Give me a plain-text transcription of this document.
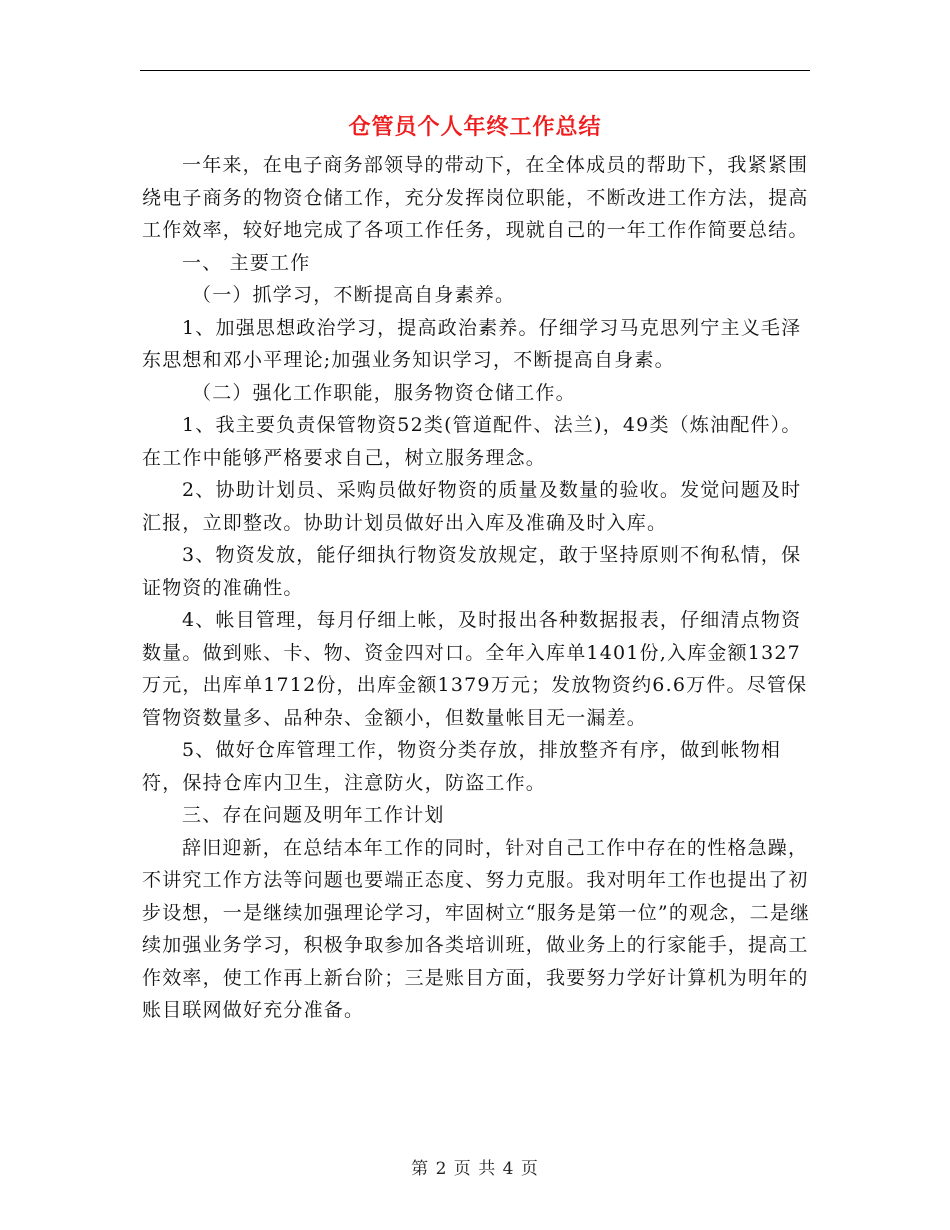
仓管员个人年终工作总结

一年来，在电子商务部领导的带动下，在全体成员的帮助下，我紧紧围绕电子商务的物资仓储工作，充分发挥岗位职能，不断改进工作方法，提高工作效率，较好地完成了各项工作任务，现就自己的一年工作作简要总结。

一、 主要工作

（一）抓学习，不断提高自身素养。

1、加强思想政治学习，提高政治素养。仔细学习马克思列宁主义毛泽东思想和邓小平理论;加强业务知识学习，不断提高自身素。

（二）强化工作职能，服务物资仓储工作。

1、我主要负责保管物资52类(管道配件、法兰)，49类（炼油配件）。在工作中能够严格要求自己，树立服务理念。

2、协助计划员、采购员做好物资的质量及数量的验收。发觉问题及时汇报，立即整改。协助计划员做好出入库及准确及时入库。

3、物资发放，能仔细执行物资发放规定，敢于坚持原则不徇私情，保证物资的准确性。

4、帐目管理，每月仔细上帐，及时报出各种数据报表，仔细清点物资数量。做到账、卡、物、资金四对口。全年入库单1401份,入库金额1327万元，出库单1712份，出库金额1379万元；发放物资约6.6万件。尽管保管物资数量多、品种杂、金额小，但数量帐目无一漏差。

5、做好仓库管理工作，物资分类存放，排放整齐有序，做到帐物相符，保持仓库内卫生，注意防火，防盗工作。

三、存在问题及明年工作计划

辞旧迎新，在总结本年工作的同时，针对自己工作中存在的性格急躁，不讲究工作方法等问题也要端正态度、努力克服。我对明年工作也提出了初步设想，一是继续加强理论学习，牢固树立“服务是第一位”的观念，二是继续加强业务学习，积极争取参加各类培训班，做业务上的行家能手，提高工作效率，使工作再上新台阶；三是账目方面，我要努力学好计算机为明年的账目联网做好充分准备。

第 2 页 共 4 页
